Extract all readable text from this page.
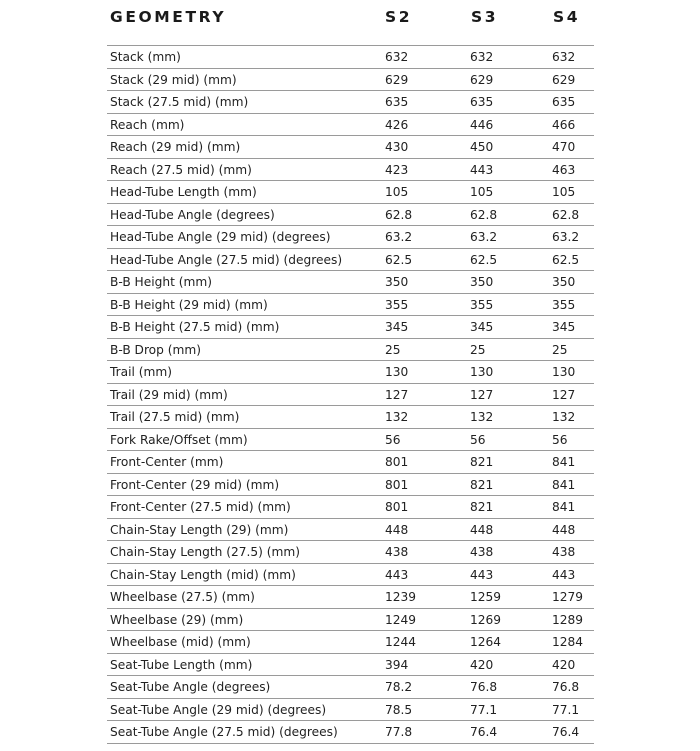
GEOMETRY	S2	S3	S4
Stack (mm)	632	632	632
Stack (29 mid) (mm)	629	629	629
Stack (27.5 mid) (mm)	635	635	635
Reach (mm)	426	446	466
Reach (29 mid) (mm)	430	450	470
Reach (27.5 mid) (mm)	423	443	463
Head-Tube Length (mm)	105	105	105
Head-Tube Angle (degrees)	62.8	62.8	62.8
Head-Tube Angle (29 mid) (degrees)	63.2	63.2	63.2
Head-Tube Angle (27.5 mid) (degrees)	62.5	62.5	62.5
B-B Height (mm)	350	350	350
B-B Height (29 mid) (mm)	355	355	355
B-B Height (27.5 mid) (mm)	345	345	345
B-B Drop (mm)	25	25	25
Trail (mm)	130	130	130
Trail (29 mid) (mm)	127	127	127
Trail (27.5 mid) (mm)	132	132	132
Fork Rake/Offset (mm)	56	56	56
Front-Center (mm)	801	821	841
Front-Center (29 mid) (mm)	801	821	841
Front-Center (27.5 mid) (mm)	801	821	841
Chain-Stay Length (29) (mm)	448	448	448
Chain-Stay Length (27.5) (mm)	438	438	438
Chain-Stay Length (mid) (mm)	443	443	443
Wheelbase (27.5) (mm)	1239	1259	1279
Wheelbase (29) (mm)	1249	1269	1289
Wheelbase (mid) (mm)	1244	1264	1284
Seat-Tube Length (mm)	394	420	420
Seat-Tube Angle (degrees)	78.2	76.8	76.8
Seat-Tube Angle (29 mid) (degrees)	78.5	77.1	77.1
Seat-Tube Angle (27.5 mid) (degrees)	77.8	76.4	76.4
